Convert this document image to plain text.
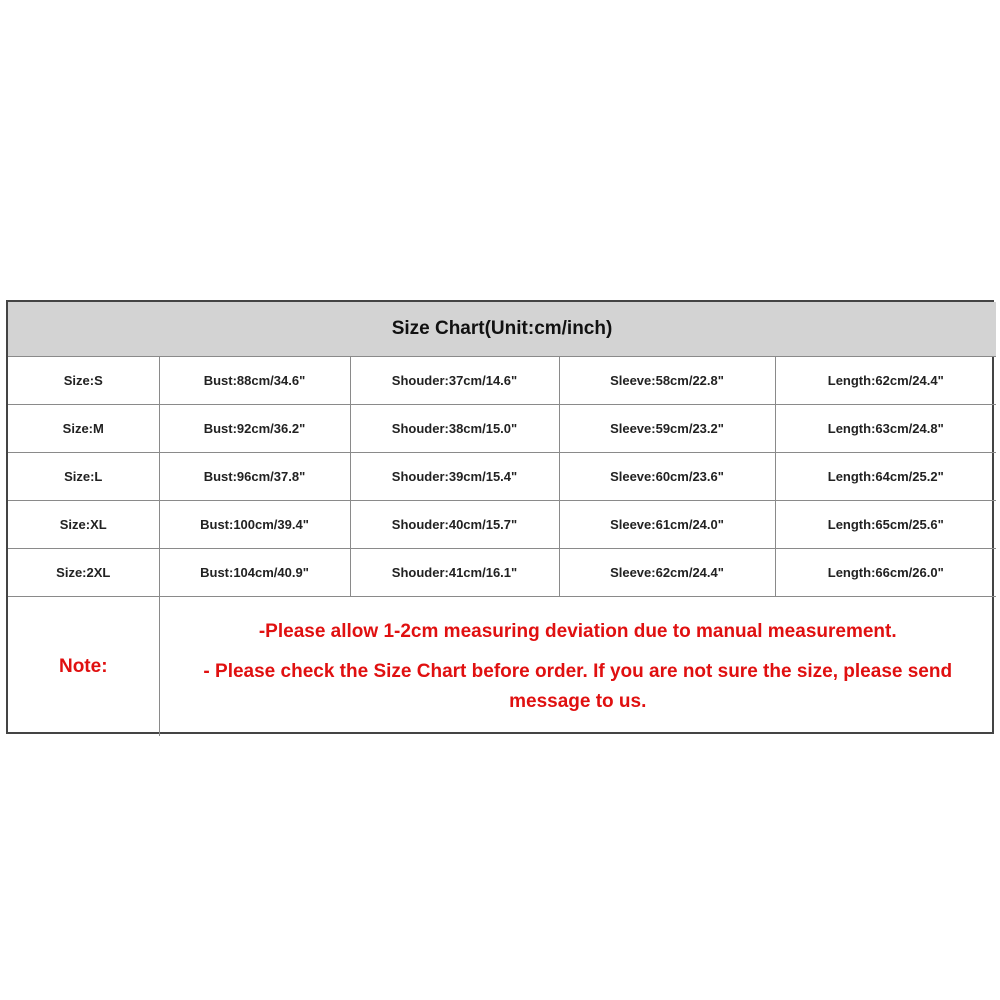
Size Chart(Unit:cm/inch)				
Size:S	Bust:88cm/34.6"	Shouder:37cm/14.6"	Sleeve:58cm/22.8"	Length:62cm/24.4"
Size:M	Bust:92cm/36.2"	Shouder:38cm/15.0"	Sleeve:59cm/23.2"	Length:63cm/24.8"
Size:L	Bust:96cm/37.8"	Shouder:39cm/15.4"	Sleeve:60cm/23.6"	Length:64cm/25.2"
Size:XL	Bust:100cm/39.4"	Shouder:40cm/15.7"	Sleeve:61cm/24.0"	Length:65cm/25.6"
Size:2XL	Bust:104cm/40.9"	Shouder:41cm/16.1"	Sleeve:62cm/24.4"	Length:66cm/26.0"
Note:	-Please allow 1-2cm measuring deviation due to manual measurement.
- Please check the Size Chart before order. If you are not sure the size, please send message to us.			
